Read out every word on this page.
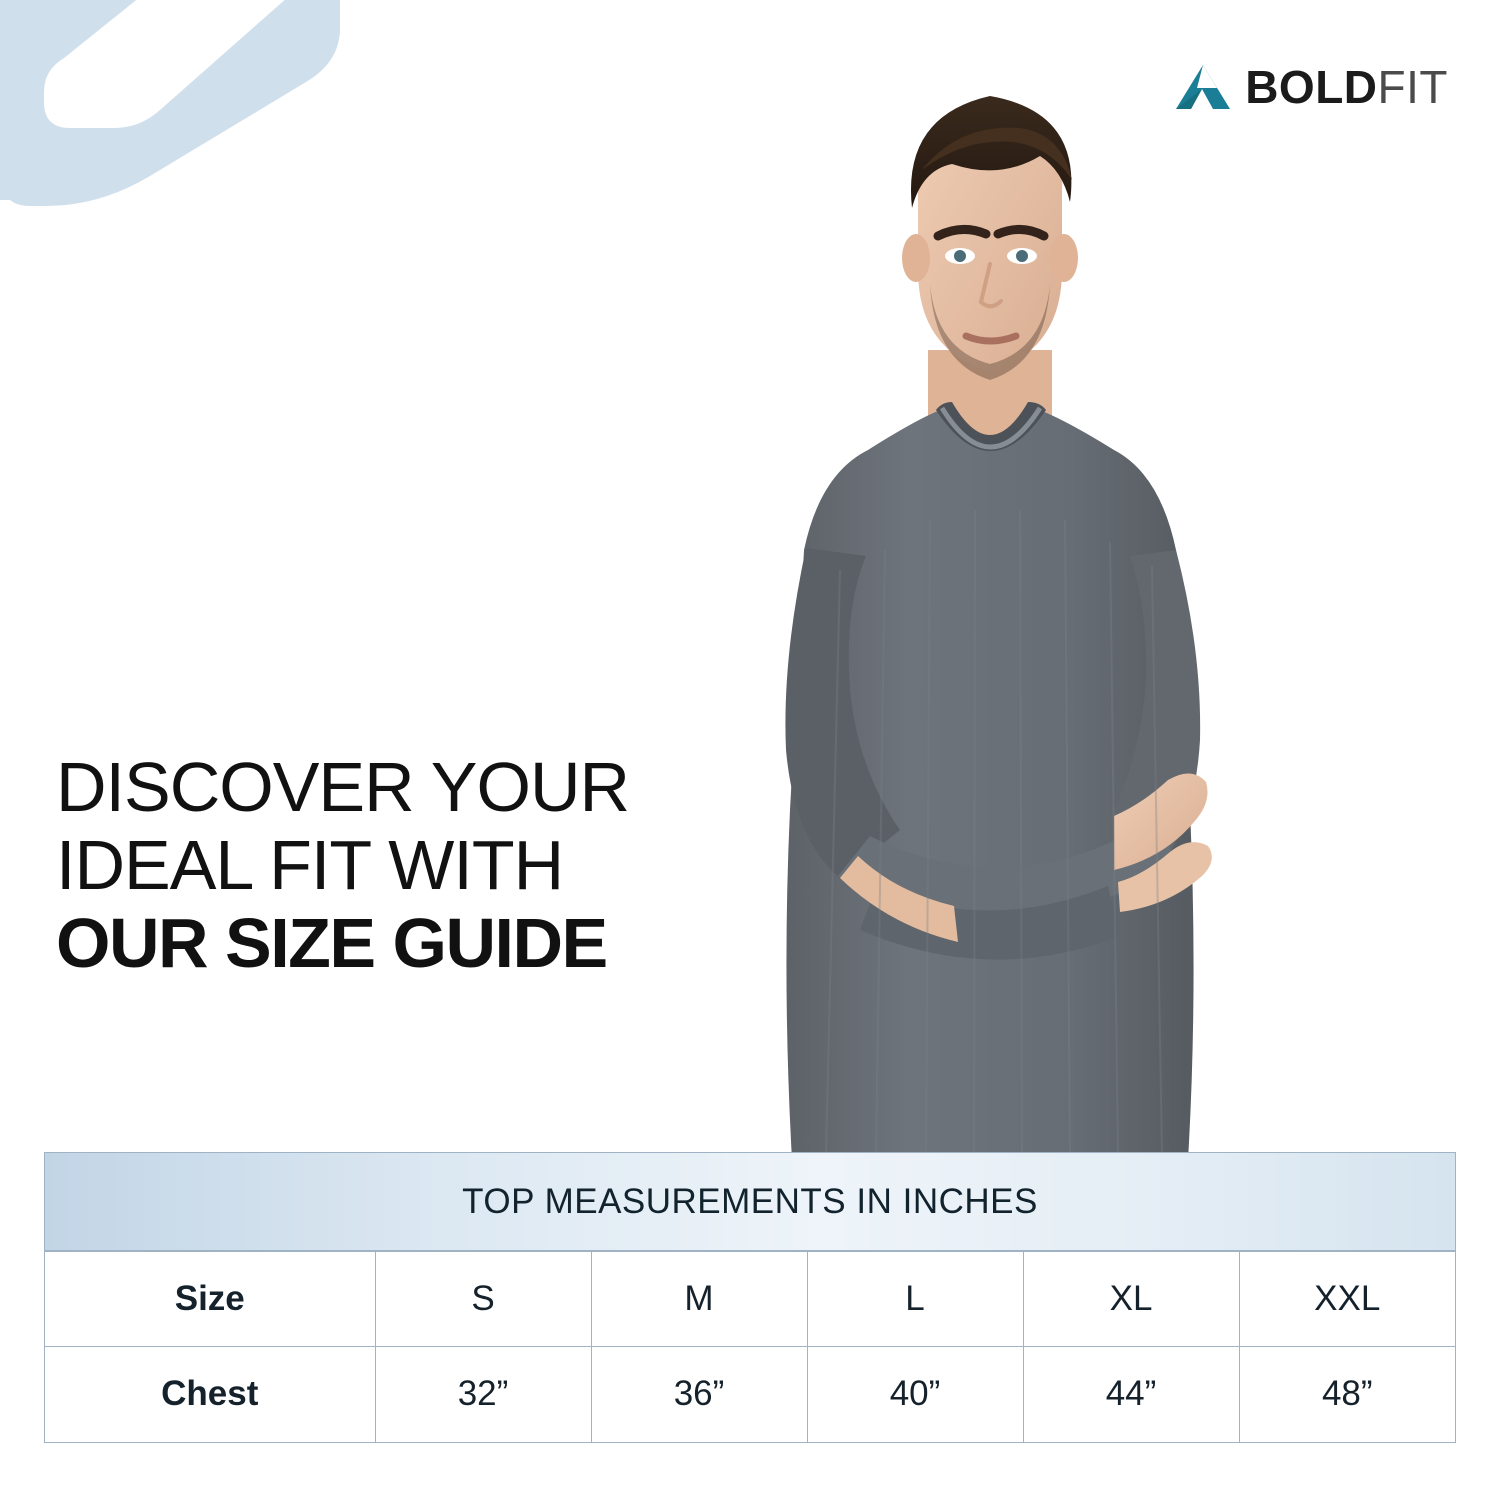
BOLDFIT
DISCOVER YOUR
IDEAL FIT WITH
OUR SIZE GUIDE
TOP MEASUREMENTS IN INCHES
Size	S	M	L	XL	XXL
Chest	32”	36”	40”	44”	48”
